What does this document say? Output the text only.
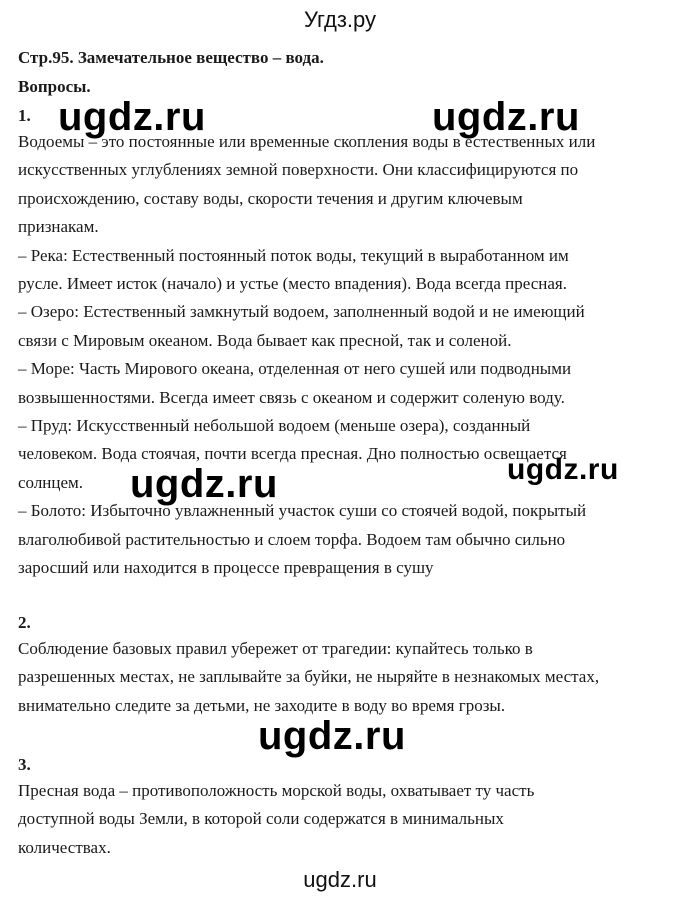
Угдз.ру
Стр.95. Замечательное вещество – вода.
Вопросы.
1.
Водоемы – это постоянные или временные скопления воды в естественных или
искусственных углублениях земной поверхности. Они классифицируются по
происхождению, составу воды, скорости течения и другим ключевым
признакам.
– Река: Естественный постоянный поток воды, текущий в выработанном им
русле. Имеет исток (начало) и устье (место впадения). Вода всегда пресная.
– Озеро: Естественный замкнутый водоем, заполненный водой и не имеющий
связи с Мировым океаном. Вода бывает как пресной, так и соленой.
– Море: Часть Мирового океана, отделенная от него сушей или подводными
возвышенностями. Всегда имеет связь с океаном и содержит соленую воду.
– Пруд: Искусственный небольшой водоем (меньше озера), созданный
человеком. Вода стоячая, почти всегда пресная. Дно полностью освещается
солнцем.
– Болото: Избыточно увлажненный участок суши со стоячей водой, покрытый
влаголюбивой растительностью и слоем торфа. Водоем там обычно сильно
заросший или находится в процессе превращения в сушу
2.
Соблюдение базовых правил убережет от трагедии: купайтесь только в
разрешенных местах, не заплывайте за буйки, не ныряйте в незнакомых местах,
внимательно следите за детьми, не заходите в воду во время грозы.
3.
Пресная вода – противоположность морской воды, охватывает ту часть
доступной воды Земли, в которой соли содержатся в минимальных
количествах.
ugdz.ru	ugdz.ru
ugdz.ru	ugdz.ru
ugdz.ru
ugdz.ru
